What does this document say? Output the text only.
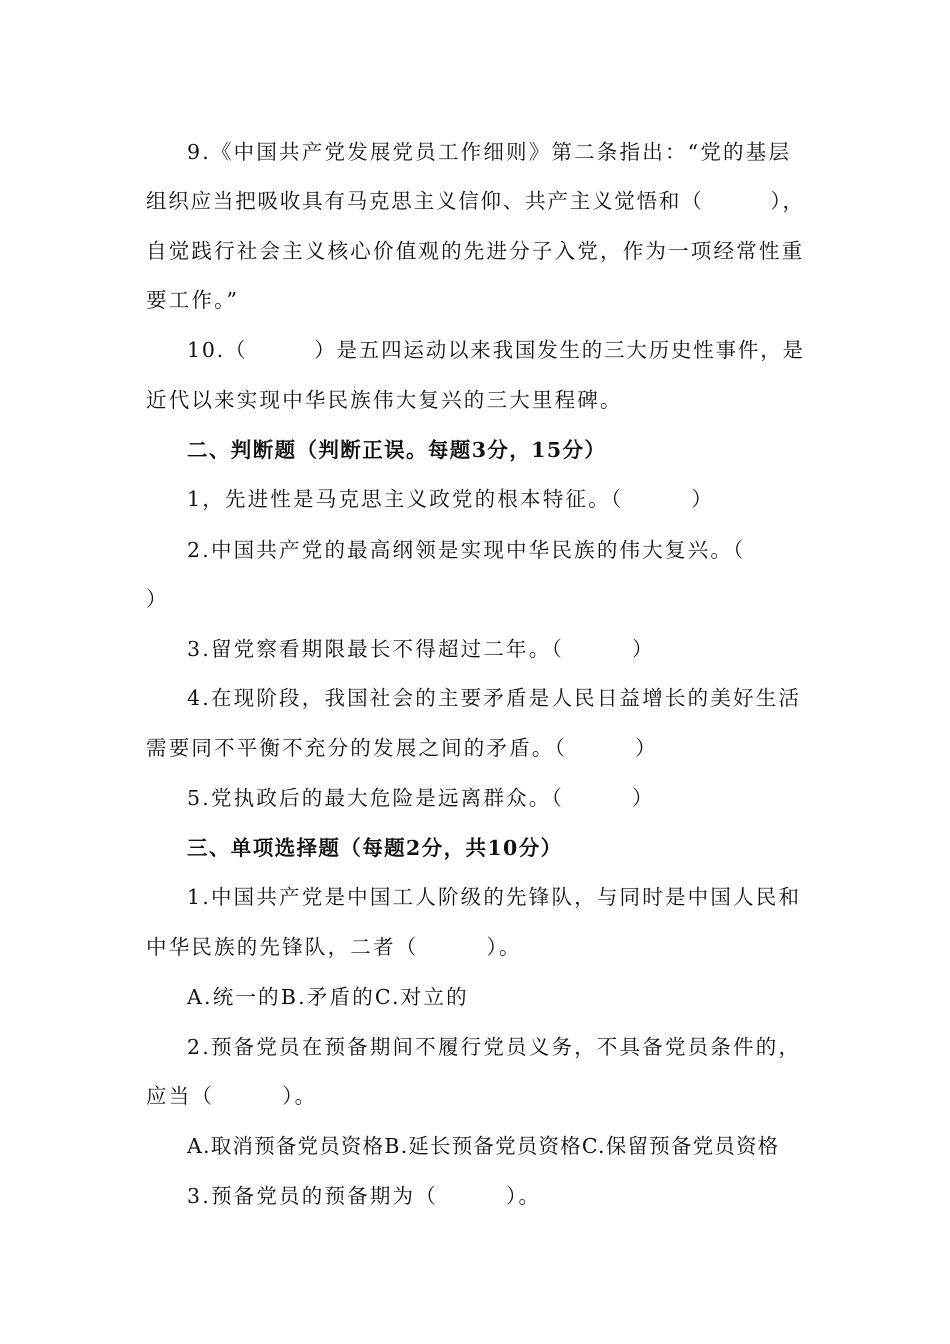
9.《中国共产党发展党员工作细则》第二条指出：“党的基层
组织应当把吸收具有马克思主义信仰、共产主义觉悟和（　　　），
自觉践行社会主义核心价值观的先进分子入党，作为一项经常性重
要工作。”
10.（　　　）是五四运动以来我国发生的三大历史性事件，是
近代以来实现中华民族伟大复兴的三大里程碑。
二、判断题（判断正误。每题3分，15分）
1，先进性是马克思主义政党的根本特征。（　　　）
2.中国共产党的最高纲领是实现中华民族的伟大复兴。（
）
3.留党察看期限最长不得超过二年。（　　　）
4.在现阶段，我国社会的主要矛盾是人民日益增长的美好生活
需要同不平衡不充分的发展之间的矛盾。（　　　）
5.党执政后的最大危险是远离群众。（　　　）
三、单项选择题（每题2分，共10分）
1.中国共产党是中国工人阶级的先锋队，与同时是中国人民和
中华民族的先锋队，二者（　　　）。
A.统一的B.矛盾的C.对立的
2.预备党员在预备期间不履行党员义务，不具备党员条件的，
应当（　　　）。
A.取消预备党员资格B.延长预备党员资格C.保留预备党员资格
3.预备党员的预备期为（　　　）。
